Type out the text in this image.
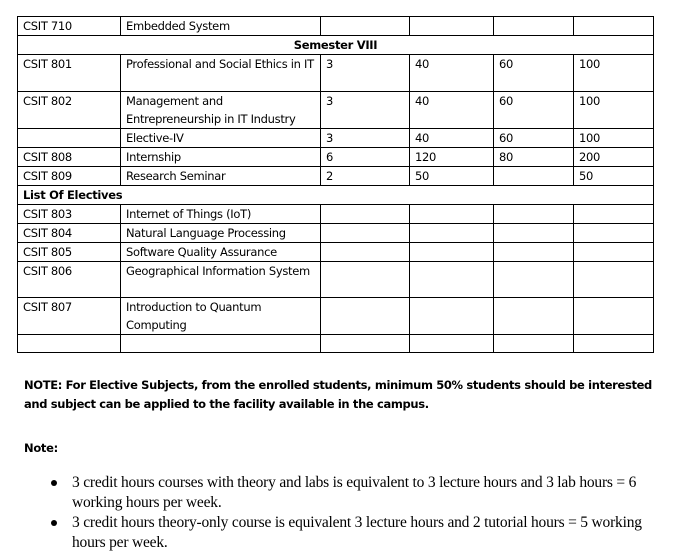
CSIT 710	Embedded System				
Semester VIII					
CSIT 801	Professional and Social Ethics in IT	3	40	60	100
CSIT 802	Management and Entrepreneurship in IT Industry	3	40	60	100
	Elective-IV	3	40	60	100
CSIT 808	Internship	6	120	80	200
CSIT 809	Research Seminar	2	50		50
List Of Electives					
CSIT 803	Internet of Things (IoT)				
CSIT 804	Natural Language Processing				
CSIT 805	Software Quality Assurance				
CSIT 806	Geographical Information System				
CSIT 807	Introduction to Quantum Computing				

NOTE: For Elective Subjects, from the enrolled students, minimum 50% students should be interested and subject can be applied to the facility available in the campus.
Note:
3 credit hours courses with theory and labs is equivalent to 3 lecture hours and 3 lab hours = 6 working hours per week.
3 credit hours theory-only course is equivalent 3 lecture hours and 2 tutorial hours = 5 working hours per week.
